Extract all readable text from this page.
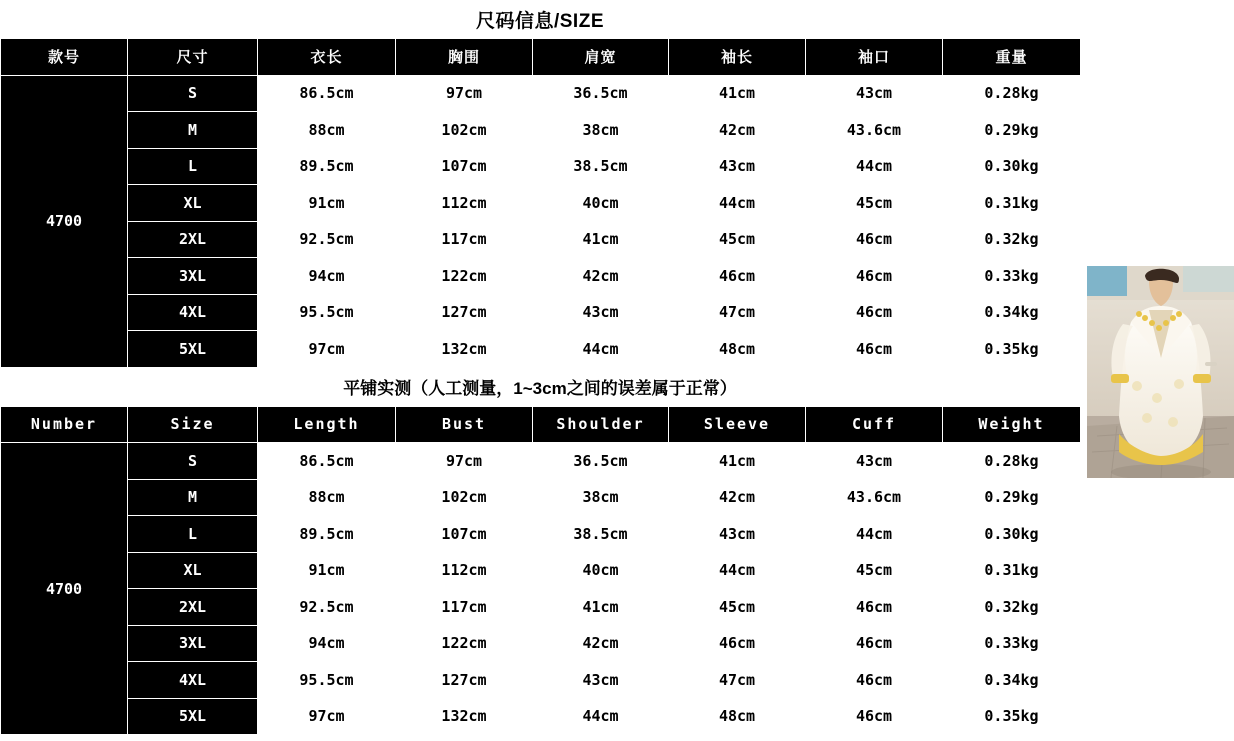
尺码信息/SIZE
款号	尺寸	衣长	胸围	肩宽	袖长	袖口	重量
4700	S	86.5cm	97cm	36.5cm	41cm	43cm	0.28kg
	M	88cm	102cm	38cm	42cm	43.6cm	0.29kg
	L	89.5cm	107cm	38.5cm	43cm	44cm	0.30kg
	XL	91cm	112cm	40cm	44cm	45cm	0.31kg
	2XL	92.5cm	117cm	41cm	45cm	46cm	0.32kg
	3XL	94cm	122cm	42cm	46cm	46cm	0.33kg
	4XL	95.5cm	127cm	43cm	47cm	46cm	0.34kg
	5XL	97cm	132cm	44cm	48cm	46cm	0.35kg
平铺实测（人工测量，1~3cm之间的误差属于正常）
Number	Size	Length	Bust	Shoulder	Sleeve	Cuff	Weight
4700	S	86.5cm	97cm	36.5cm	41cm	43cm	0.28kg
	M	88cm	102cm	38cm	42cm	43.6cm	0.29kg
	L	89.5cm	107cm	38.5cm	43cm	44cm	0.30kg
	XL	91cm	112cm	40cm	44cm	45cm	0.31kg
	2XL	92.5cm	117cm	41cm	45cm	46cm	0.32kg
	3XL	94cm	122cm	42cm	46cm	46cm	0.33kg
	4XL	95.5cm	127cm	43cm	47cm	46cm	0.34kg
	5XL	97cm	132cm	44cm	48cm	46cm	0.35kg
